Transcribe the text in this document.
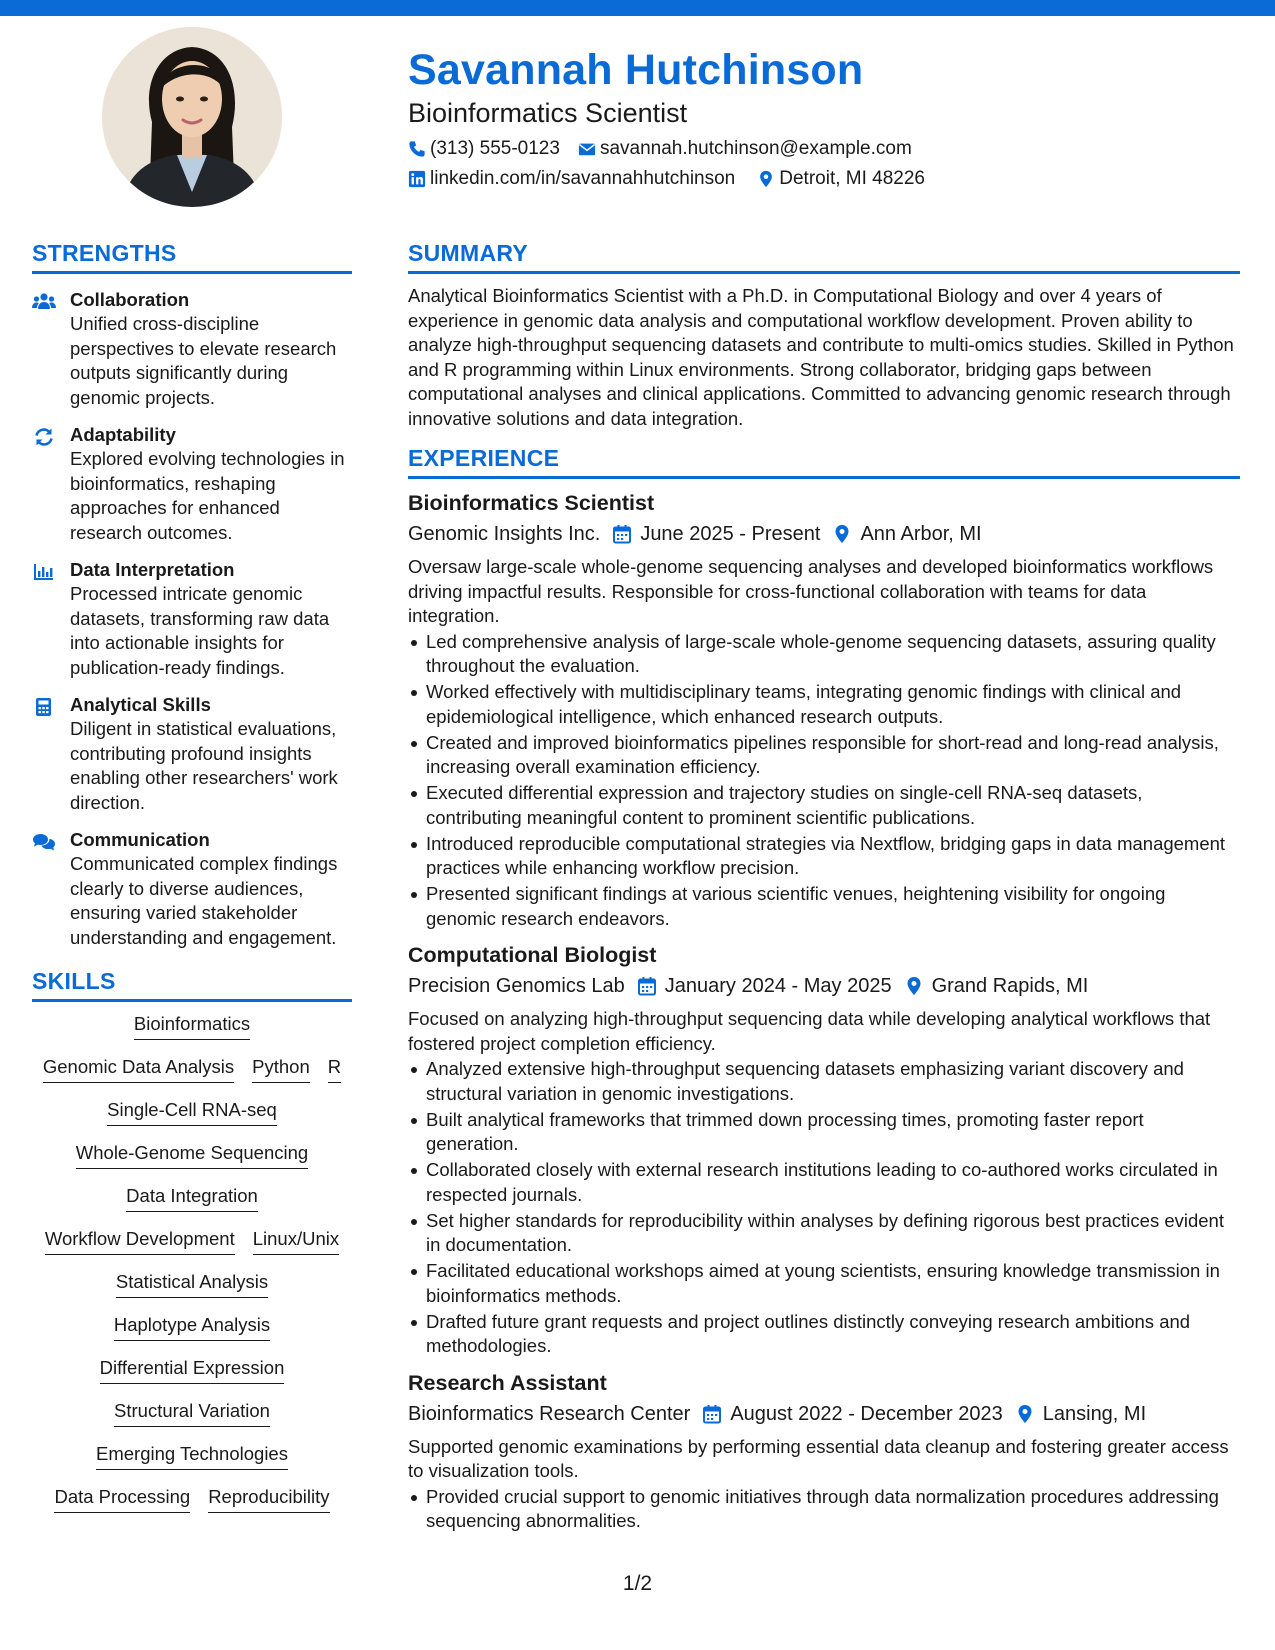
Savannah Hutchinson
Bioinformatics Scientist
(313) 555-0123 savannah.hutchinson@example.com
linkedin.com/in/savannahhutchinson Detroit, MI 48226
STRENGTHS
Collaboration
Unified cross-discipline perspectives to elevate research outputs significantly during genomic projects.
Adaptability
Explored evolving technologies in bioinformatics, reshaping approaches for enhanced research outcomes.
Data Interpretation
Processed intricate genomic datasets, transforming raw data into actionable insights for publication-ready findings.
Analytical Skills
Diligent in statistical evaluations, contributing profound insights enabling other researchers' work direction.
Communication
Communicated complex findings clearly to diverse audiences, ensuring varied stakeholder understanding and engagement.
SKILLS
Bioinformatics
Genomic Data Analysis Python R
Single-Cell RNA-seq
Whole-Genome Sequencing
Data Integration
Workflow Development Linux/Unix
Statistical Analysis
Haplotype Analysis
Differential Expression
Structural Variation
Emerging Technologies
Data Processing Reproducibility
SUMMARY
Analytical Bioinformatics Scientist with a Ph.D. in Computational Biology and over 4 years of experience in genomic data analysis and computational workflow development. Proven ability to analyze high-throughput sequencing datasets and contribute to multi-omics studies. Skilled in Python and R programming within Linux environments. Strong collaborator, bridging gaps between computational analyses and clinical applications. Committed to advancing genomic research through innovative solutions and data integration.
EXPERIENCE
Bioinformatics Scientist
Genomic Insights Inc. June 2025 - Present Ann Arbor, MI
Oversaw large-scale whole-genome sequencing analyses and developed bioinformatics workflows driving impactful results. Responsible for cross-functional collaboration with teams for data integration.
Led comprehensive analysis of large-scale whole-genome sequencing datasets, assuring quality throughout the evaluation.
Worked effectively with multidisciplinary teams, integrating genomic findings with clinical and epidemiological intelligence, which enhanced research outputs.
Created and improved bioinformatics pipelines responsible for short-read and long-read analysis, increasing overall examination efficiency.
Executed differential expression and trajectory studies on single-cell RNA-seq datasets, contributing meaningful content to prominent scientific publications.
Introduced reproducible computational strategies via Nextflow, bridging gaps in data management practices while enhancing workflow precision.
Presented significant findings at various scientific venues, heightening visibility for ongoing genomic research endeavors.
Computational Biologist
Precision Genomics Lab January 2024 - May 2025 Grand Rapids, MI
Focused on analyzing high-throughput sequencing data while developing analytical workflows that fostered project completion efficiency.
Analyzed extensive high-throughput sequencing datasets emphasizing variant discovery and structural variation in genomic investigations.
Built analytical frameworks that trimmed down processing times, promoting faster report generation.
Collaborated closely with external research institutions leading to co-authored works circulated in respected journals.
Set higher standards for reproducibility within analyses by defining rigorous best practices evident in documentation.
Facilitated educational workshops aimed at young scientists, ensuring knowledge transmission in bioinformatics methods.
Drafted future grant requests and project outlines distinctly conveying research ambitions and methodologies.
Research Assistant
Bioinformatics Research Center August 2022 - December 2023 Lansing, MI
Supported genomic examinations by performing essential data cleanup and fostering greater access to visualization tools.
Provided crucial support to genomic initiatives through data normalization procedures addressing sequencing abnormalities.
1/2
